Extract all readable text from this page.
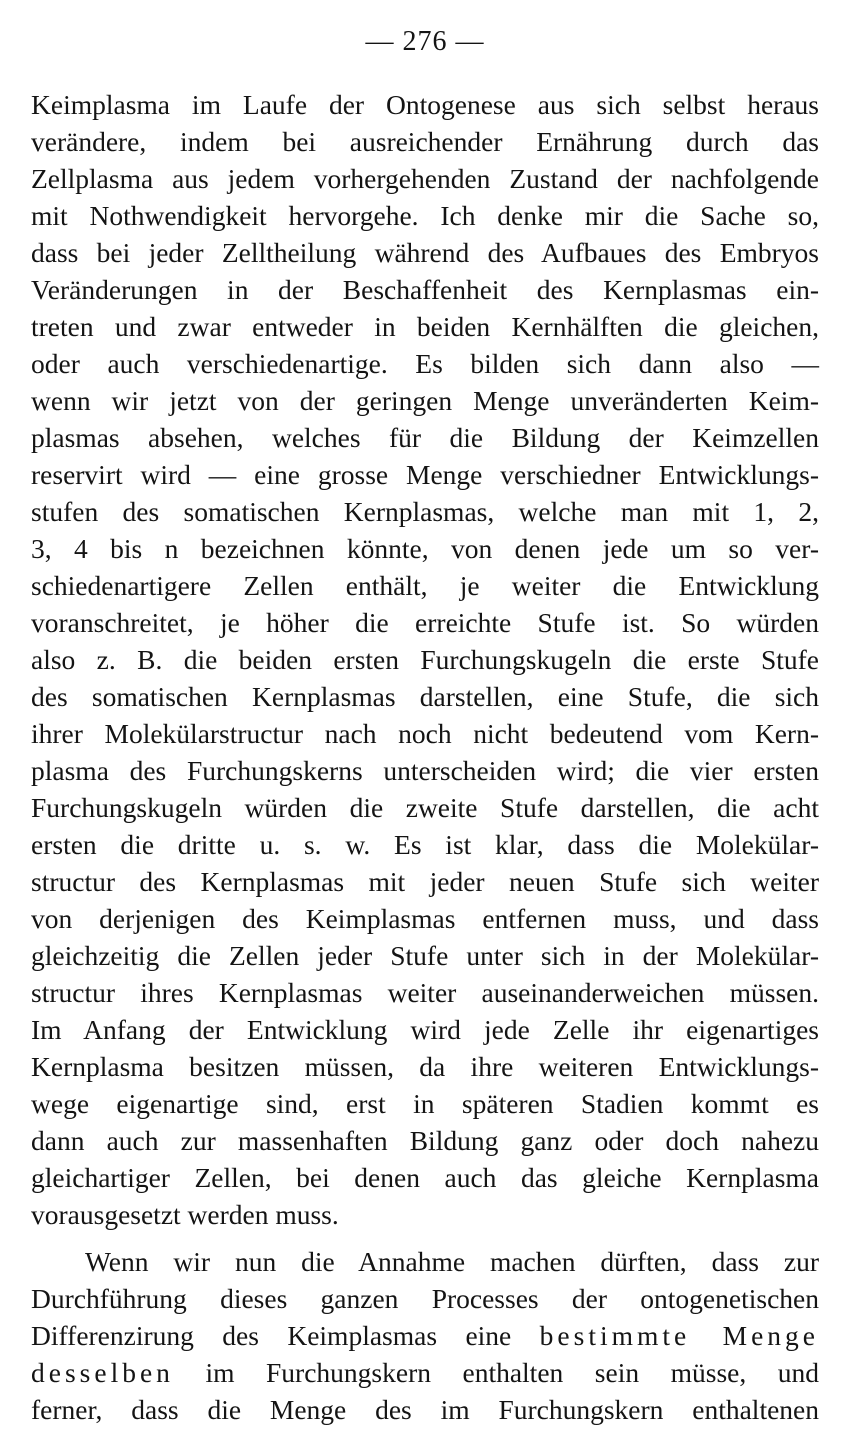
— 276 —
Keimplasma im Laufe der Ontogenese aus sich selbst heraus
verändere, indem bei ausreichender Ernährung durch das
Zellplasma aus jedem vorhergehenden Zustand der nachfolgende
mit Nothwendigkeit hervorgehe. Ich denke mir die Sache so,
dass bei jeder Zelltheilung während des Aufbaues des Embryos
Veränderungen in der Beschaffenheit des Kernplasmas ein-
treten und zwar entweder in beiden Kernhälften die gleichen,
oder auch verschiedenartige. Es bilden sich dann also —
wenn wir jetzt von der geringen Menge unveränderten Keim-
plasmas absehen, welches für die Bildung der Keimzellen
reservirt wird — eine grosse Menge verschiedner Entwicklungs-
stufen des somatischen Kernplasmas, welche man mit 1, 2,
3, 4 bis n bezeichnen könnte, von denen jede um so ver-
schiedenartigere Zellen enthält, je weiter die Entwicklung
voranschreitet, je höher die erreichte Stufe ist. So würden
also z. B. die beiden ersten Furchungskugeln die erste Stufe
des somatischen Kernplasmas darstellen, eine Stufe, die sich
ihrer Molekülarstructur nach noch nicht bedeutend vom Kern-
plasma des Furchungskerns unterscheiden wird; die vier ersten
Furchungskugeln würden die zweite Stufe darstellen, die acht
ersten die dritte u. s. w. Es ist klar, dass die Molekülar-
structur des Kernplasmas mit jeder neuen Stufe sich weiter
von derjenigen des Keimplasmas entfernen muss, und dass
gleichzeitig die Zellen jeder Stufe unter sich in der Molekülar-
structur ihres Kernplasmas weiter auseinanderweichen müssen.
Im Anfang der Entwicklung wird jede Zelle ihr eigenartiges
Kernplasma besitzen müssen, da ihre weiteren Entwicklungs-
wege eigenartige sind, erst in späteren Stadien kommt es
dann auch zur massenhaften Bildung ganz oder doch nahezu
gleichartiger Zellen, bei denen auch das gleiche Kernplasma
vorausgesetzt werden muss.
Wenn wir nun die Annahme machen dürften, dass zur
Durchführung dieses ganzen Processes der ontogenetischen
Differenzirung des Keimplasmas eine bestimmte Menge
desselben im Furchungskern enthalten sein müsse, und
ferner, dass die Menge des im Furchungskern enthaltenen
